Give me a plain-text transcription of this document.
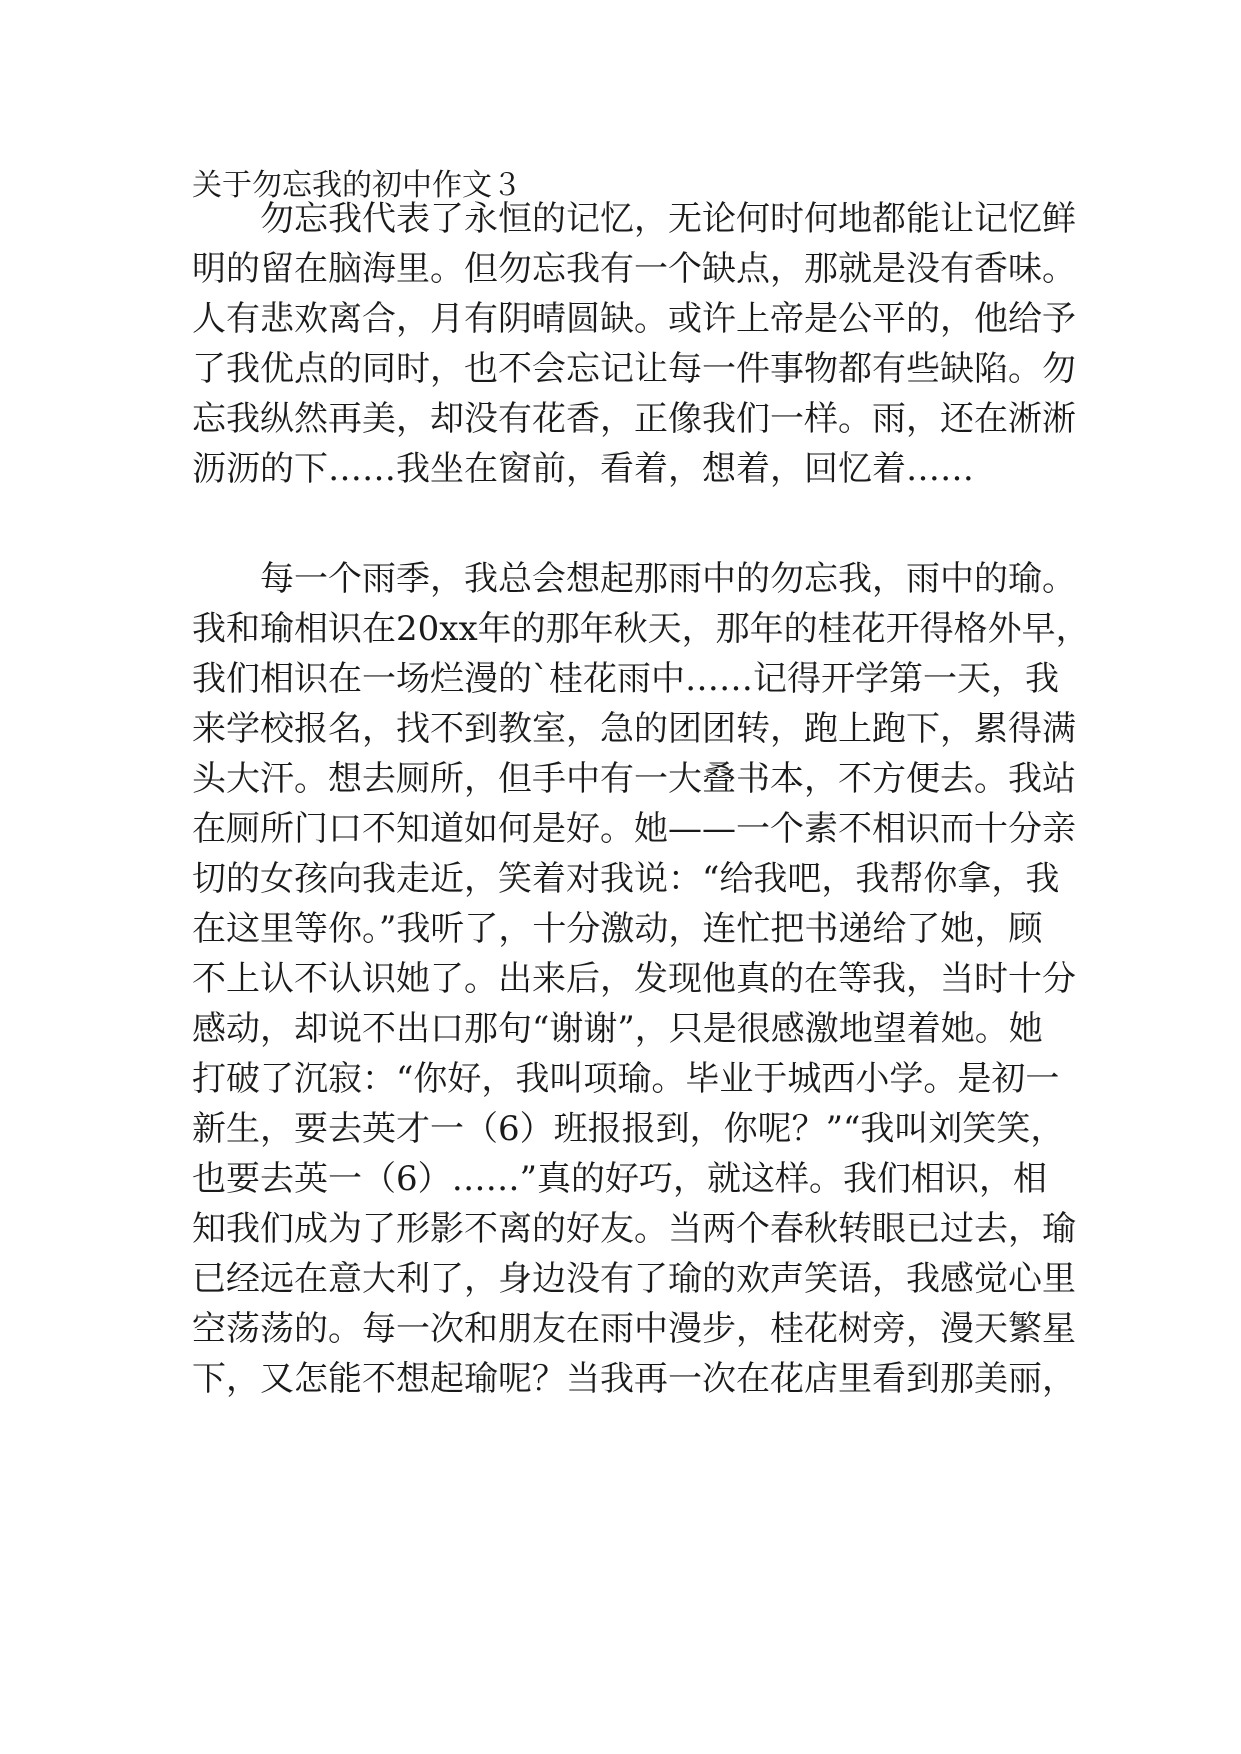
关于勿忘我的初中作文３
勿忘我代表了永恒的记忆，无论何时何地都能让记忆鲜
明的留在脑海里。但勿忘我有一个缺点，那就是没有香味。
人有悲欢离合，月有阴晴圆缺。或许上帝是公平的，他给予
了我优点的同时，也不会忘记让每一件事物都有些缺陷。勿
忘我纵然再美，却没有花香，正像我们一样。雨，还在淅淅
沥沥的下……我坐在窗前，看着，想着，回忆着……
每一个雨季，我总会想起那雨中的勿忘我，雨中的瑜。
我和瑜相识在20xx年的那年秋天，那年的桂花开得格外早，
我们相识在一场烂漫的`桂花雨中……记得开学第一天，我
来学校报名，找不到教室，急的团团转，跑上跑下，累得满
头大汗。想去厕所，但手中有一大叠书本，不方便去。我站
在厕所门口不知道如何是好。她——一个素不相识而十分亲
切的女孩向我走近，笑着对我说：“给我吧，我帮你拿，我
在这里等你。”我听了，十分激动，连忙把书递给了她，顾
不上认不认识她了。出来后，发现他真的在等我，当时十分
感动，却说不出口那句“谢谢”，只是很感激地望着她。她
打破了沉寂：“你好，我叫项瑜。毕业于城西小学。是初一
新生，要去英才一（6）班报报到，你呢？”“我叫刘笑笑，
也要去英一（6）……”真的好巧，就这样。我们相识，相
知我们成为了形影不离的好友。当两个春秋转眼已过去，瑜
已经远在意大利了，身边没有了瑜的欢声笑语，我感觉心里
空荡荡的。每一次和朋友在雨中漫步，桂花树旁，漫天繁星
下，又怎能不想起瑜呢？当我再一次在花店里看到那美丽，
